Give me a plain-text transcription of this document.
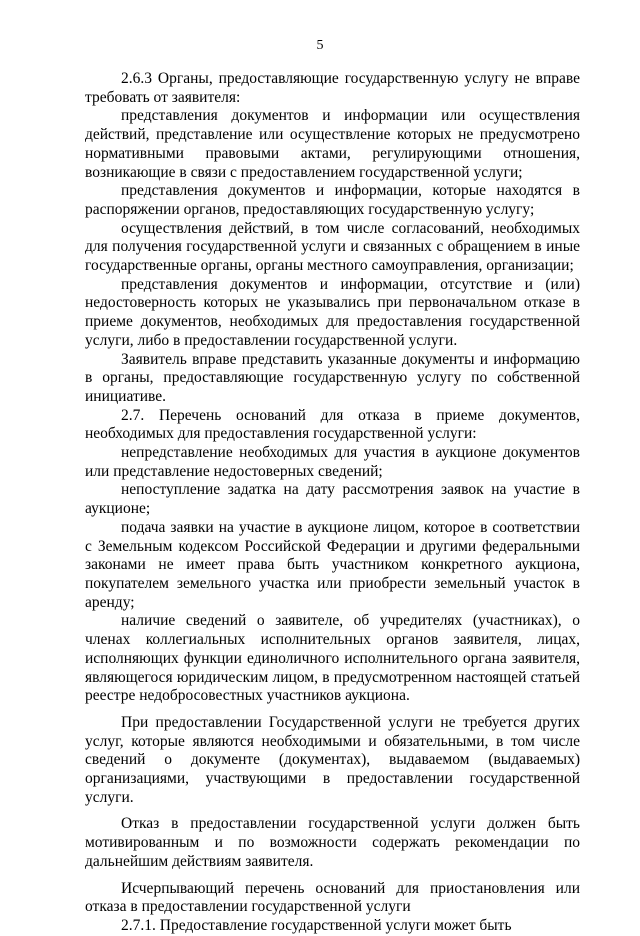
5

2.6.3 Органы, предоставляющие государственную услугу не вправе требовать от заявителя:

представления документов и информации или осуществления действий, представление или осуществление которых не предусмотрено нормативными правовыми актами, регулирующими отношения, возникающие в связи с предоставлением государственной услуги;

представления документов и информации, которые находятся в распоряжении органов, предоставляющих государственную услугу;

осуществления действий, в том числе согласований, необходимых для получения государственной услуги и связанных с обращением в иные государственные органы, органы местного самоуправления, организации;

представления документов и информации, отсутствие и (или) недостоверность которых не указывались при первоначальном отказе в приеме документов, необходимых для предоставления государственной услуги, либо в предоставлении государственной услуги.

Заявитель вправе представить указанные документы и информацию в органы, предоставляющие государственную услугу по собственной инициативе.

2.7. Перечень оснований для отказа в приеме документов, необходимых для предоставления государственной услуги:

непредставление необходимых для участия в аукционе документов или представление недостоверных сведений;

непоступление задатка на дату рассмотрения заявок на участие в аукционе;

подача заявки на участие в аукционе лицом, которое в соответствии с Земельным кодексом Российской Федерации и другими федеральными законами не имеет права быть участником конкретного аукциона, покупателем земельного участка или приобрести земельный участок в аренду;

наличие сведений о заявителе, об учредителях (участниках), о членах коллегиальных исполнительных органов заявителя, лицах, исполняющих функции единоличного исполнительного органа заявителя, являющегося юридическим лицом, в предусмотренном настоящей статьей реестре недобросовестных участников аукциона.

При предоставлении Государственной услуги не требуется других услуг, которые являются необходимыми и обязательными, в том числе сведений о документе (документах), выдаваемом (выдаваемых) организациями, участвующими в предоставлении государственной услуги.

Отказ в предоставлении государственной услуги должен быть мотивированным и по возможности содержать рекомендации по дальнейшим действиям заявителя.

Исчерпывающий перечень оснований для приостановления или отказа в предоставлении государственной услуги

2.7.1. Предоставление государственной услуги может быть
